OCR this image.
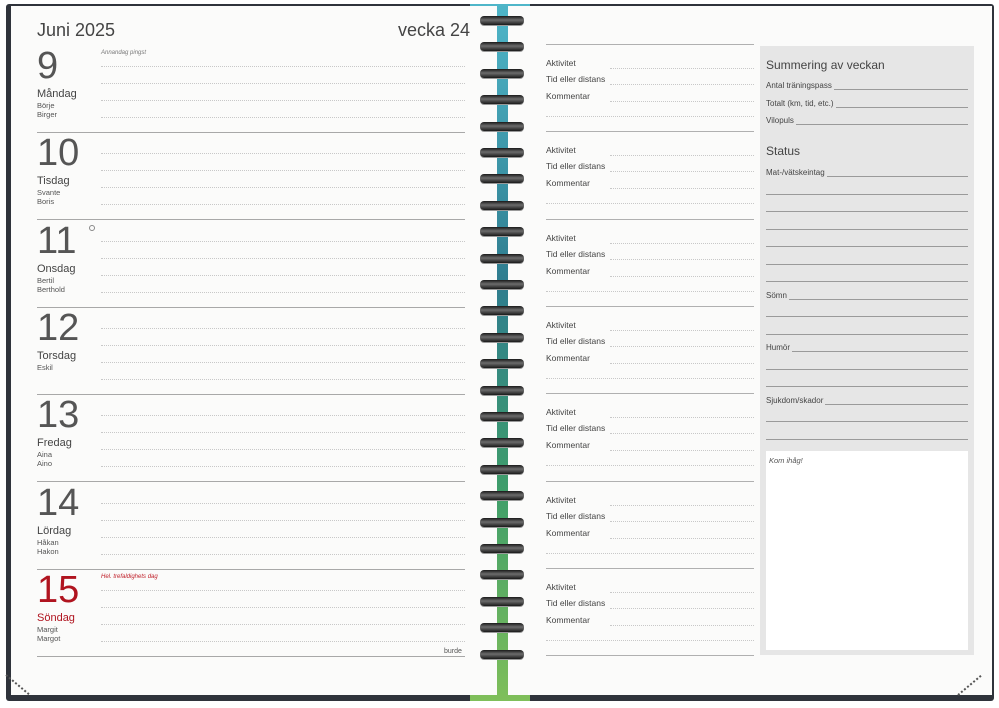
Juni 2025	vecka 24
9
Måndag
Börje
Birger
Annandag pingst
10
Tisdag
Svante
Boris
11
Onsdag
Bertil
Berthold
12
Torsdag
Eskil
13
Fredag
Aina
Aino
14
Lördag
Håkan
Hakon
15
Söndag
Margit
Margot
Hel. trefaldighets dag
burde
Aktivitet
Tid eller distans
Kommentar
Aktivitet
Tid eller distans
Kommentar
Aktivitet
Tid eller distans
Kommentar
Aktivitet
Tid eller distans
Kommentar
Aktivitet
Tid eller distans
Kommentar
Aktivitet
Tid eller distans
Kommentar
Aktivitet
Tid eller distans
Kommentar
Summering av veckan
Antal träningspass
Totalt (km, tid, etc.)
Vilopuls
Status
Mat-/vätskeintag
Sömn
Humör
Sjukdom/skador
Kom ihåg!
